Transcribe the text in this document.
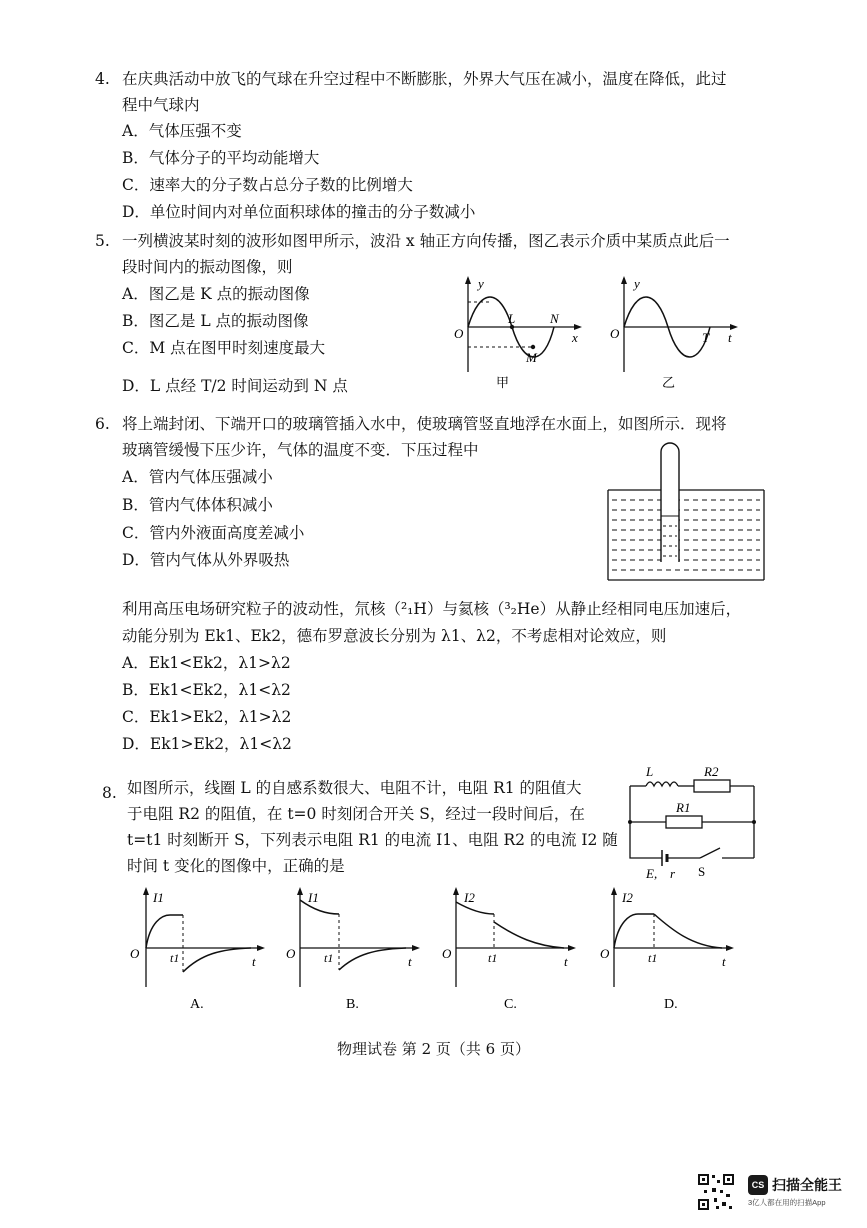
4. 在庆典活动中放飞的气球在升空过程中不断膨胀，外界大气压在减小，温度在降低，此过
程中气球内
A．气体压强不变
B．气体分子的平均动能增大
C．速率大的分子数占总分子数的比例增大
D．单位时间内对单位面积球体的撞击的分子数减小
5. 一列横波某时刻的波形如图甲所示，波沿 x 轴正方向传播，图乙表示介质中某质点此后一
段时间内的振动图像，则
A．图乙是 K 点的振动图像
B．图乙是 L 点的振动图像
C．M 点在图甲时刻速度最大
D．L 点经 T/2 时间运动到 N 点
y
O
L	N
M
x
甲
y
O	T t
乙
6. 将上端封闭、下端开口的玻璃管插入水中，使玻璃管竖直地浮在水面上，如图所示．现将
玻璃管缓慢下压少许，气体的温度不变．下压过程中
A．管内气体压强减小
B．管内气体体积减小
C．管内外液面高度差减小
D．管内气体从外界吸热
利用高压电场研究粒子的波动性，氘核（²₁H）与氦核（³₂He）从静止经相同电压加速后，
动能分别为 Ek1、Ek2，德布罗意波长分别为 λ1、λ2，不考虑相对论效应，则
A．Ek1<Ek2，λ1>λ2
B．Ek1<Ek2，λ1<λ2
C．Ek1>Ek2，λ1>λ2
D．Ek1>Ek2，λ1<λ2
8. 如图所示，线圈 L 的自感系数很大、电阻不计，电阻 R1 的阻值大
于电阻 R2 的阻值，在 t=0 时刻闭合开关 S，经过一段时间后，在
t=t1 时刻断开 S，下列表示电阻 R1 的电流 I1、电阻 R2 的电流 I2 随
时间 t 变化的图像中，正确的是
L	R2
R1
E, r S
I1
O	t1	t
A.
I1
O t1	t
B.
I2
O	t1	t
C.
I2
O	t1	t
D.
物理试卷 第 2 页（共 6 页）
CS 扫描全能王
3亿人都在用的扫描App
